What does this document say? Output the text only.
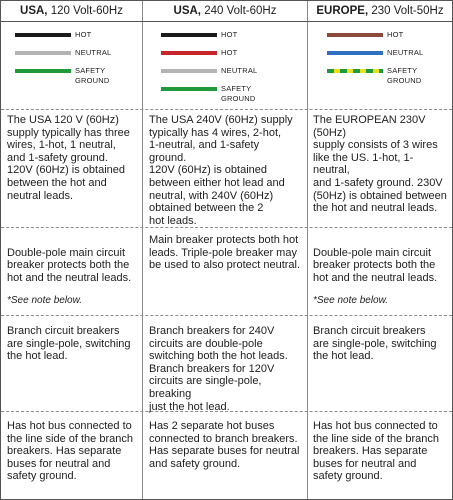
USA, 120 Volt-60Hz	USA, 240 Volt-60Hz	EUROPE, 230 Volt-50Hz
HOT
NEUTRAL
SAFETY
GROUND
HOT
HOT
NEUTRAL
SAFETY
GROUND
HOT
NEUTRAL
SAFETY
GROUND
The USA 120 V (60Hz)
supply typically has three
wires, 1-hot, 1 neutral,
and 1-safety ground.
120V (60Hz) is obtained
between the hot and
neutral leads.
The USA 240V (60Hz) supply
typically has 4 wires, 2-hot,
1-neutral, and 1-safety
ground.
120V (60Hz) is obtained
between either hot lead and
neutral, with 240V (60Hz)
obtained between the 2
hot leads.
The EUROPEAN 230V (50Hz)
supply consists of 3 wires
like the US. 1-hot, 1-neutral,
and 1-safety ground. 230V
(50Hz) is obtained between
the hot and neutral leads.

Double-pole main circuit
breaker protects both the
hot and the neutral leads.

*See note below.

Main breaker protects both hot
leads. Triple-pole breaker may
be used to also protect neutral.

Double-pole main circuit
breaker protects both the
hot and the neutral leads.

*See note below.

Branch circuit breakers
are single-pole, switching
the hot lead.
Branch breakers for 240V
circuits are double-pole
switching both the hot leads.
Branch breakers for 120V
circuits are single-pole, breaking
just the hot lead.
Branch circuit breakers
are single-pole, switching
the hot lead.
Has hot bus connected to
the line side of the branch
breakers. Has separate
buses for neutral and
safety ground.
Has 2 separate hot buses
connected to branch breakers.
Has separate buses for neutral
and safety ground.
Has hot bus connected to
the line side of the branch
breakers. Has separate
buses for neutral and
safety ground.
